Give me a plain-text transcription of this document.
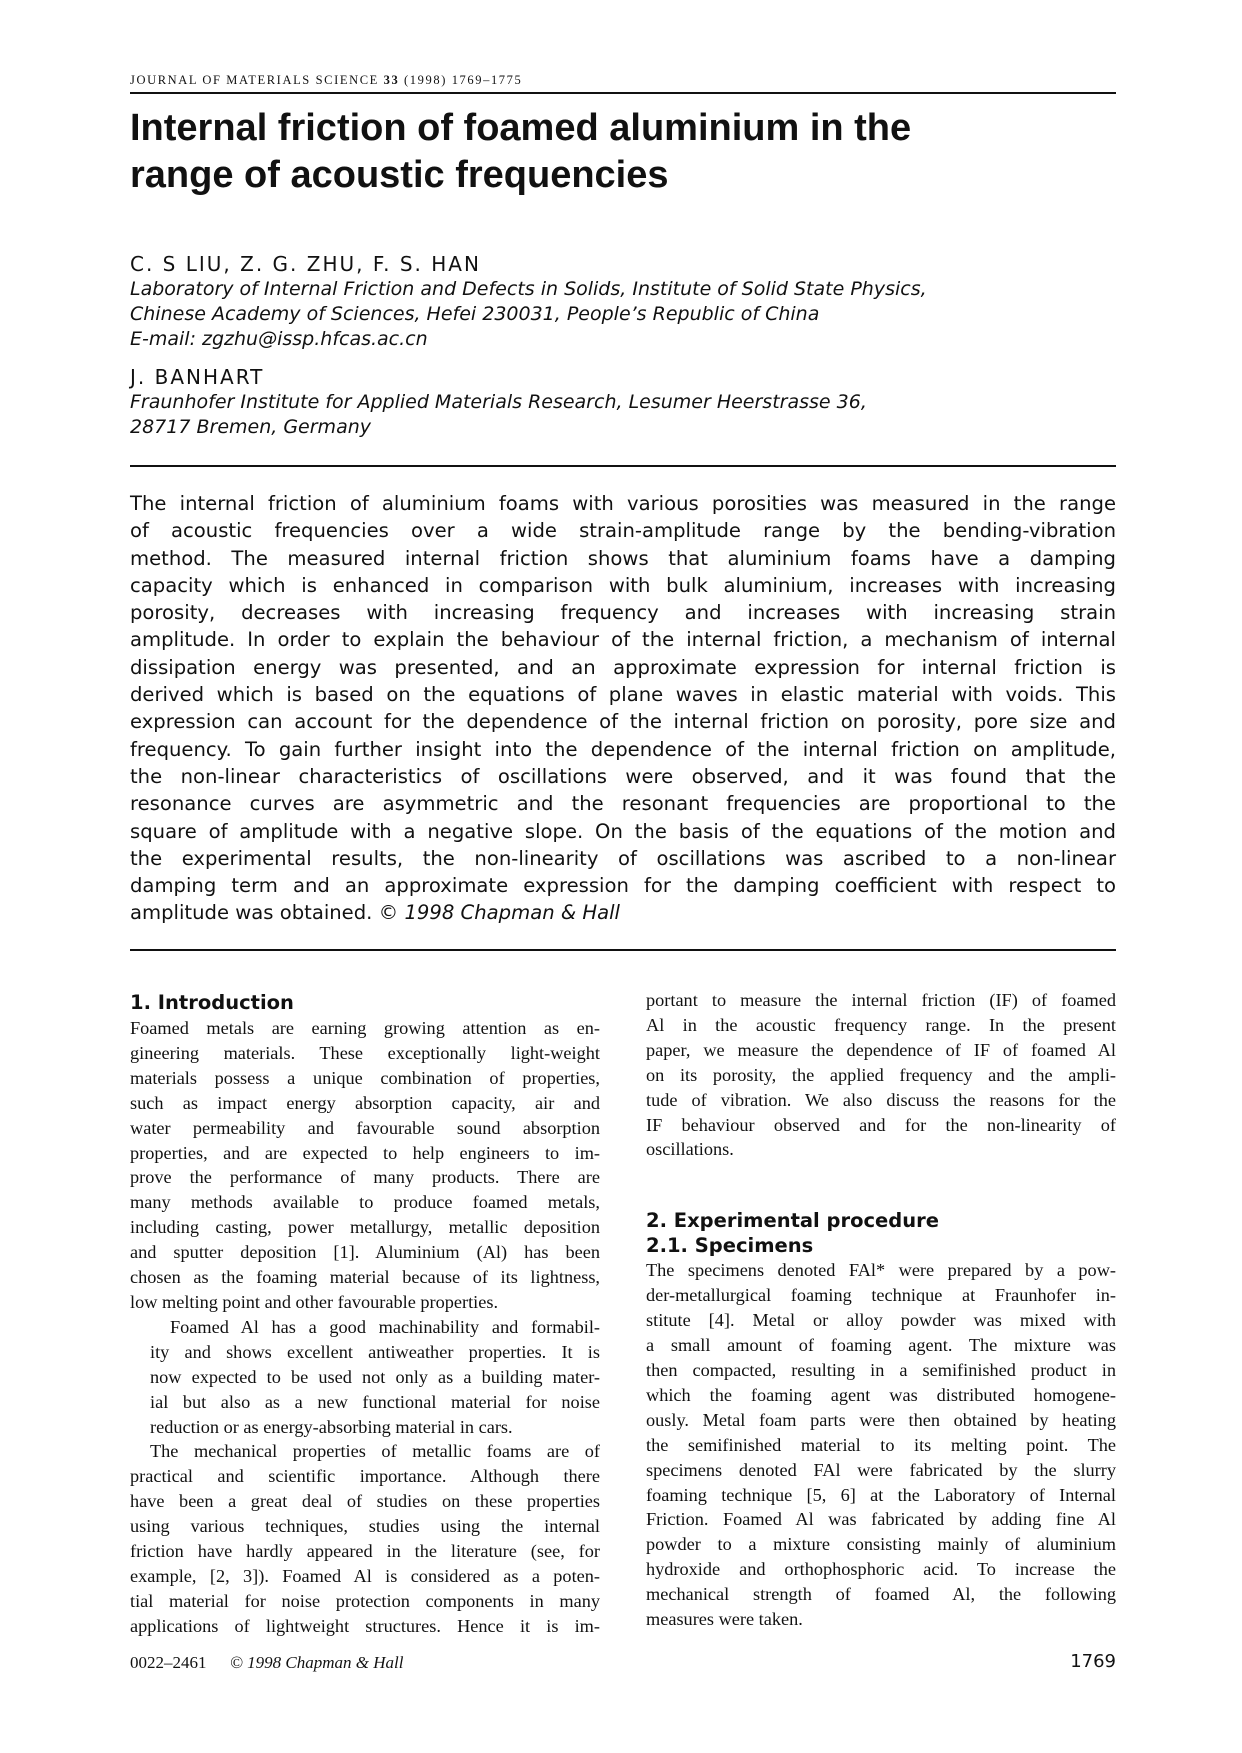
JOURNAL OF MATERIALS SCIENCE 33 (1998) 1769–1775
Internal friction of foamed aluminium in the
range of acoustic frequencies
C. S LIU, Z. G. ZHU, F. S. HAN
Laboratory of Internal Friction and Defects in Solids, Institute of Solid State Physics,
Chinese Academy of Sciences, Hefei 230031, People’s Republic of China
E-mail: zgzhu@issp.hfcas.ac.cn
J. BANHART
Fraunhofer Institute for Applied Materials Research, Lesumer Heerstrasse 36,
28717 Bremen, Germany
The internal friction of aluminium foams with various porosities was measured in the range
of acoustic frequencies over a wide strain-amplitude range by the bending-vibration
method. The measured internal friction shows that aluminium foams have a damping
capacity which is enhanced in comparison with bulk aluminium, increases with increasing
porosity, decreases with increasing frequency and increases with increasing strain
amplitude. In order to explain the behaviour of the internal friction, a mechanism of internal
dissipation energy was presented, and an approximate expression for internal friction is
derived which is based on the equations of plane waves in elastic material with voids. This
expression can account for the dependence of the internal friction on porosity, pore size and
frequency. To gain further insight into the dependence of the internal friction on amplitude,
the non-linear characteristics of oscillations were observed, and it was found that the
resonance curves are asymmetric and the resonant frequencies are proportional to the
square of amplitude with a negative slope. On the basis of the equations of the motion and
the experimental results, the non-linearity of oscillations was ascribed to a non-linear
damping term and an approximate expression for the damping coefficient with respect to
amplitude was obtained. © 1998 Chapman & Hall
1. Introduction

Foamed metals are earning growing attention as en-
gineering materials. These exceptionally light-weight
materials possess a unique combination of properties,
such as impact energy absorption capacity, air and
water permeability and favourable sound absorption
properties, and are expected to help engineers to im-
prove the performance of many products. There are
many methods available to produce foamed metals,
including casting, power metallurgy, metallic deposition
and sputter deposition [1]. Aluminium (Al) has been
chosen as the foaming material because of its lightness,
low melting point and other favourable properties.

Foamed Al has a good machinability and formabil-
ity and shows excellent antiweather properties. It is
now expected to be used not only as a building mater-
ial but also as a new functional material for noise
reduction or as energy-absorbing material in cars.

The mechanical properties of metallic foams are of
practical and scientific importance. Although there
have been a great deal of studies on these properties
using various techniques, studies using the internal
friction have hardly appeared in the literature (see, for
example, [2, 3]). Foamed Al is considered as a poten-
tial material for noise protection components in many
applications of lightweight structures. Hence it is im-

portant to measure the internal friction (IF) of foamed
Al in the acoustic frequency range. In the present
paper, we measure the dependence of IF of foamed Al
on its porosity, the applied frequency and the ampli-
tude of vibration. We also discuss the reasons for the
IF behaviour observed and for the non-linearity of
oscillations.

2. Experimental procedure
2.1. Specimens

The specimens denoted FAl* were prepared by a pow-
der-metallurgical foaming technique at Fraunhofer in-
stitute [4]. Metal or alloy powder was mixed with
a small amount of foaming agent. The mixture was
then compacted, resulting in a semifinished product in
which the foaming agent was distributed homogene-
ously. Metal foam parts were then obtained by heating
the semifinished material to its melting point. The
specimens denoted FAl were fabricated by the slurry
foaming technique [5, 6] at the Laboratory of Internal
Friction. Foamed Al was fabricated by adding fine Al
powder to a mixture consisting mainly of aluminium
hydroxide and orthophosphoric acid. To increase the
mechanical strength of foamed Al, the following
measures were taken.

0022–2461 © 1998 Chapman & Hall	1769
